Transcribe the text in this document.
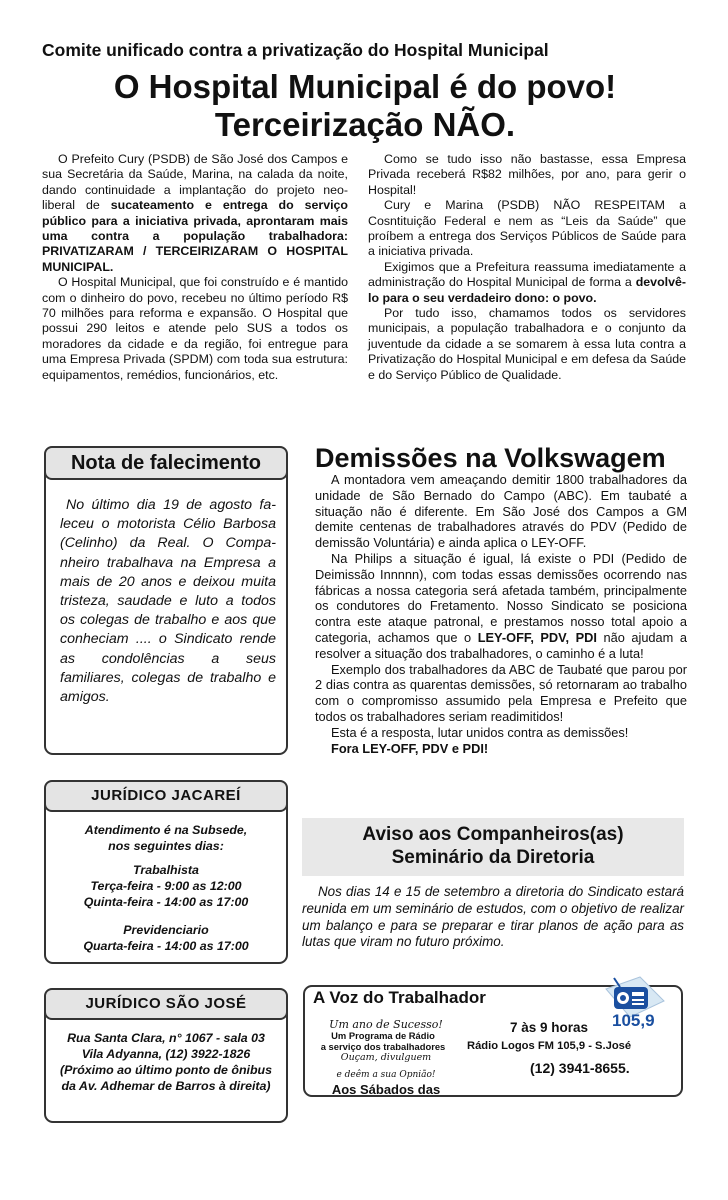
Comite unificado contra a privatização do Hospital Municipal
O Hospital Municipal é do povo!
Terceirização NÃO.

O Prefeito Cury (PSDB) de São José dos Campos e sua Secretária da Saúde, Marina, na calada da noite, dando continuidade a implantação do projeto neo-liberal de sucateamento e entrega do serviço público para a iniciativa privada, aprontaram mais uma contra a população trabalhadora: PRIVATIZARAM / TERCEIRIZARAM O HOSPITAL MUNICIPAL.

O Hospital Municipal, que foi construído e é mantido com o dinheiro do povo, recebeu no último período R$ 70 milhões para reforma e expansão. O Hospital que possui 290 leitos e atende pelo SUS a todos os moradores da cidade e da região, foi entregue para uma Empresa Privada (SPDM) com toda sua estrutura: equipamentos, remédios, funcionários, etc.

Como se tudo isso não bastasse, essa Empresa Privada receberá R$82 milhões, por ano, para gerir o Hospital!

Cury e Marina (PSDB) NÃO RESPEITAM a Cosntituição Federal e nem as “Leis da Saúde” que proíbem a entrega dos Serviços Públicos de Saúde para a iniciativa privada.

Exigimos que a Prefeitura reassuma imediatamente a administração do Hospital Municipal de forma a devolvê-lo para o seu verdadeiro dono: o povo.

Por tudo isso, chamamos todos os servidores municipais, a população trabalhadora e o conjunto da juventude da cidade a se somarem à essa luta contra a Privatização do Hospital Municipal e em defesa da Saúde e do Serviço Público de Qualidade.

Nota de falecimento
No último dia 19 de agosto faleceu o motorista Célio Barbosa (Celinho) da Real. O Companheiro trabalhava na Empresa a mais de 20 anos e deixou muita tristeza, saudade e luto a todos os colegas de trabalho e aos que conheciam .... o Sindicato rende as condolências a seus familiares, colegas de trabalho e amigos.
JURÍDICO JACAREÍ
Atendimento é na Subsede,
nos seguintes dias:
Trabalhista
Terça-feira - 9:00 as 12:00
Quinta-feira - 14:00 as 17:00
Previdenciario
Quarta-feira - 14:00 as 17:00
JURÍDICO SÃO JOSÉ
Rua Santa Clara, n° 1067 - sala 03
Vila Adyanna, (12) 3922-1826
(Próximo ao último ponto de ônibus
da Av. Adhemar de Barros à direita)
Demissões na Volkswagem

A montadora vem ameaçando demitir 1800 trabalhadores da unidade de São Bernado do Campo (ABC). Em taubaté a situação não é diferente. Em São José dos Campos a GM demite centenas de trabalhadores através do PDV (Pedido de demissão Voluntária) e ainda aplica o LEY-OFF.

Na Philips a situação é igual, lá existe o PDI (Pedido de Deimissão Innnnn), com todas essas demissões ocorrendo nas fábricas a nossa categoria será afetada também, principalmente os condutores do Fretamento. Nosso Sindicato se posiciona contra este ataque patronal, e prestamos nosso total apoio a categoria, achamos que o LEY-OFF, PDV, PDI não ajudam a resolver a situação dos trabalhadores, o caminho é a luta!

Exemplo dos trabalhadores da ABC de Taubaté que parou por 2 dias contra as quarentas demissões, só retornaram ao trabalho com o compromisso assumido pela Empresa e Prefeito que todos os trabalhadores seriam readimitidos!

Esta é a resposta, lutar unidos contra as demissões!

Fora LEY-OFF, PDV e PDI!

Aviso aos Companheiros(as)
Seminário da Diretoria

Nos dias 14 e 15 de setembro a diretoria do Sindicato estará reunida em um seminário de estudos, com o objetivo de realizar um balanço e para se preparar e tirar planos de ação para as lutas que viram no futuro próximo.

A Voz do Trabalhador
Um ano de Sucesso!
Um Programa de Rádio
a serviço dos trabalhadores
Ouçam, divulguem
e deêm a sua Opnião!
Aos Sábados das
7 às 9 horas
Rádio Logos FM 105,9 - S.José
(12) 3941-8655.
105,9
